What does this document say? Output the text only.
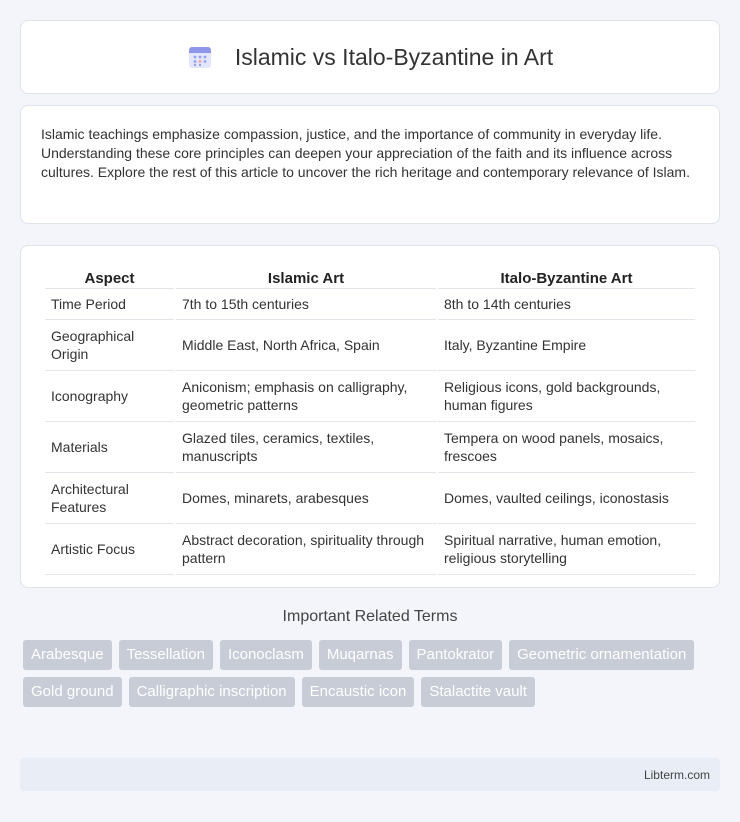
Islamic vs Italo-Byzantine in Art

Islamic teachings emphasize compassion, justice, and the importance of community in everyday life. Understanding these core principles can deepen your appreciation of the faith and its influence across cultures. Explore the rest of this article to uncover the rich heritage and contemporary relevance of Islam.

Aspect	Islamic Art	Italo-Byzantine Art
Time Period	7th to 15th centuries	8th to 14th centuries
Geographical Origin	Middle East, North Africa, Spain	Italy, Byzantine Empire
Iconography	Aniconism; emphasis on calligraphy, geometric patterns	Religious icons, gold backgrounds, human figures
Materials	Glazed tiles, ceramics, textiles, manuscripts	Tempera on wood panels, mosaics, frescoes
Architectural Features	Domes, minarets, arabesques	Domes, vaulted ceilings, iconostasis
Artistic Focus	Abstract decoration, spirituality through pattern	Spiritual narrative, human emotion, religious storytelling
Important Related Terms
Arabesque	Tessellation	Iconoclasm	Muqarnas	Pantokrator	Geometric ornamentation
Gold ground	Calligraphic inscription	Encaustic icon	Stalactite vault
Libterm.com
